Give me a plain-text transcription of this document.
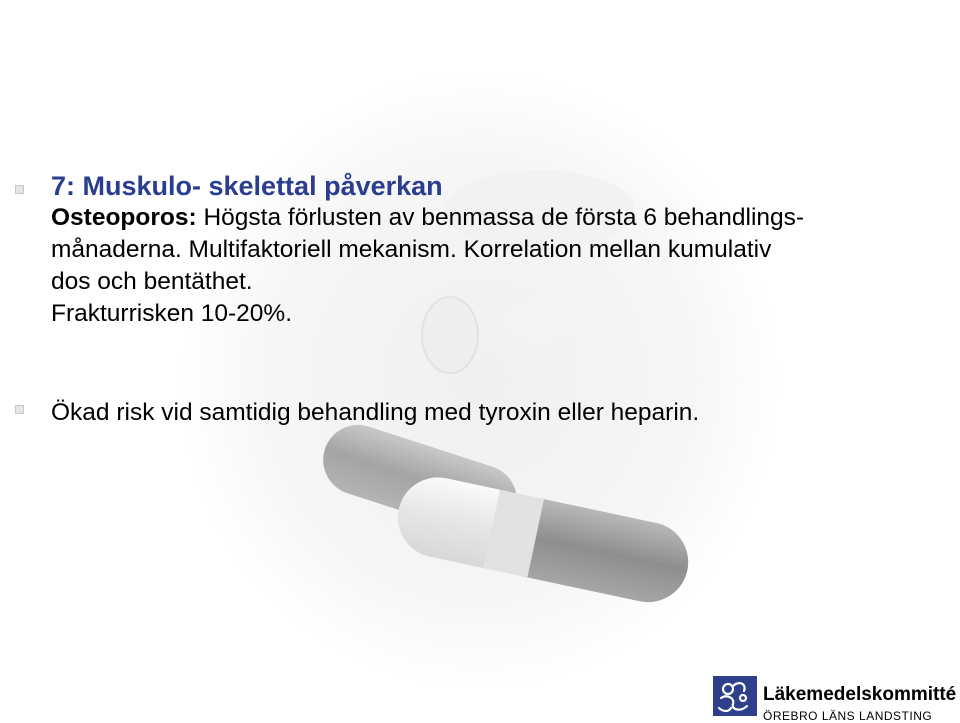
7: Muskulo- skelettal påverkan
Osteoporos: Högsta förlusten av benmassa de första 6 behandlings-
månaderna. Multifaktoriell mekanism. Korrelation mellan kumulativ
dos och bentäthet.
Frakturrisken 10-20%.
Ökad risk vid samtidig behandling med tyroxin eller heparin.
Läkemedelskommitté
ÖREBRO LÄNS LANDSTING
